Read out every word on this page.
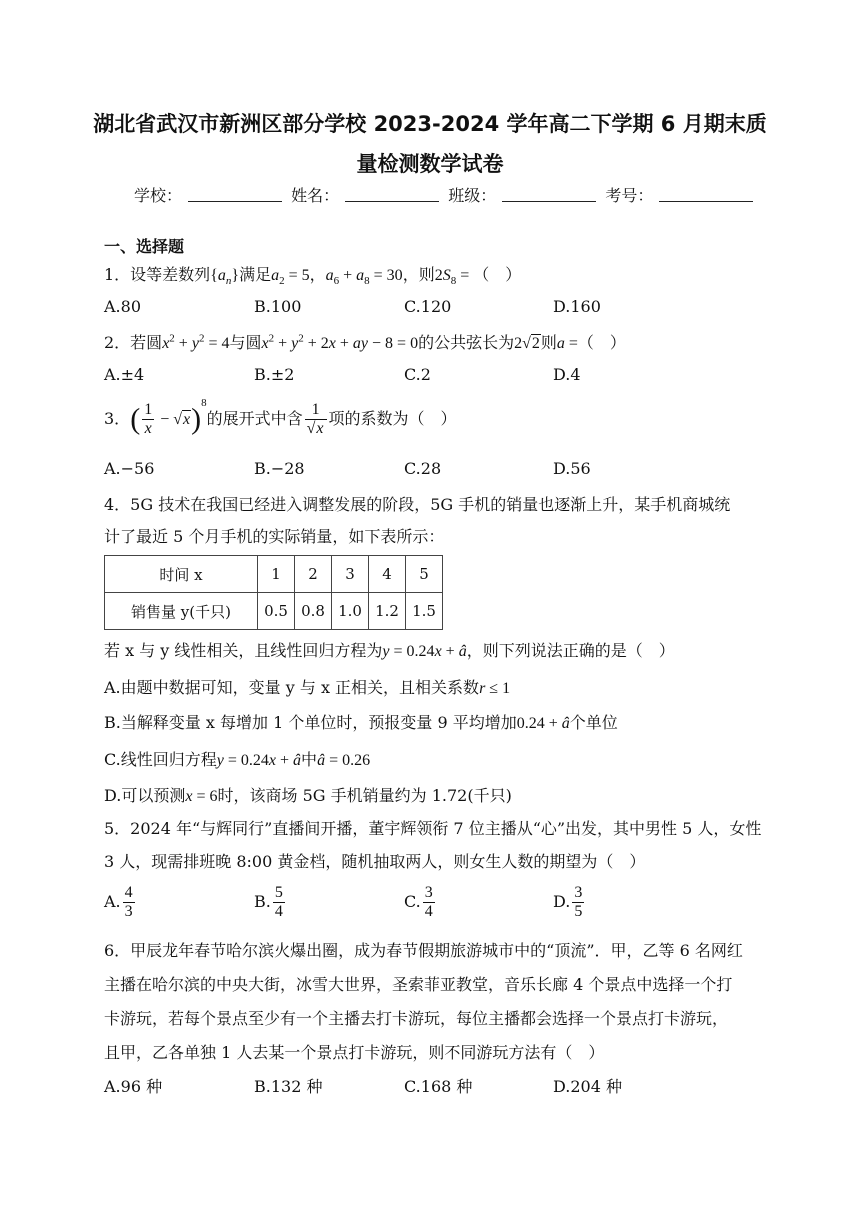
湖北省武汉市新洲区部分学校 2023-2024 学年高二下学期 6 月期末质
量检测数学试卷
学校：	姓名：	班级：	考号：
一、选择题
1．设等差数列$\{a_n\}$满足$a_2 = 5$，$a_6 + a_8 = 30$，则$2S_8$ = （　）
A.80	B.100	C.120	D.160
2．若圆$x^2 + y^2 = 4$与圆$x^2 + y^2 + 2x$ + ay − 8 = 0的公共弦长为2√2则a =（　）
A.±4	B.±2	C.2	D.4
3．( $\frac{1}{x} - √x)^8$的展开式中含 $\frac{1}{√x}$ 项的系数为（　）
A.−56	B.−28	C.28	D.56
4．5G 技术在我国已经进入调整发展的阶段，5G 手机的销量也逐渐上升，某手机商城统
计了最近 5 个月手机的实际销量，如下表所示：
时间 x	1	2	3	4	5
销售量 y(千只)	0.5	0.8	1.0	1.2	1.5
若 x 与 y 线性相关，且线性回归方程为y = 0.24x + â，则下列说法正确的是（　）
A.由题中数据可知，变量 y 与 x 正相关，且相关系数r ≤ 1
B.当解释变量 x 每增加 1 个单位时，预报变量 9 平均增加0.24 + â个单位
C.线性回归方程y = 0.24x + â中â = 0.26
D.可以预测x = 6时，该商场 5G 手机销量约为 1.72(千只)
5．2024 年“与辉同行”直播间开播，董宇辉领衔 7 位主播从“心”出发，其中男性 5 人，女性
3 人，现需排班晚 8:00 黄金档，随机抽取两人，则女生人数的期望为（　）
A. $\frac{4}{3}$	B. $\frac{5}{4}$	C. $\frac{3}{4}$	D. $\frac{3}{5}$
6．甲辰龙年春节哈尔滨火爆出圈，成为春节假期旅游城市中的“顶流”．甲，乙等 6 名网红
主播在哈尔滨的中央大街，冰雪大世界，圣索菲亚教堂，音乐长廊 4 个景点中选择一个打
卡游玩，若每个景点至少有一个主播去打卡游玩，每位主播都会选择一个景点打卡游玩，
且甲，乙各单独 1 人去某一个景点打卡游玩，则不同游玩方法有（　）
A.96 种	B.132 种	C.168 种	D.204 种
